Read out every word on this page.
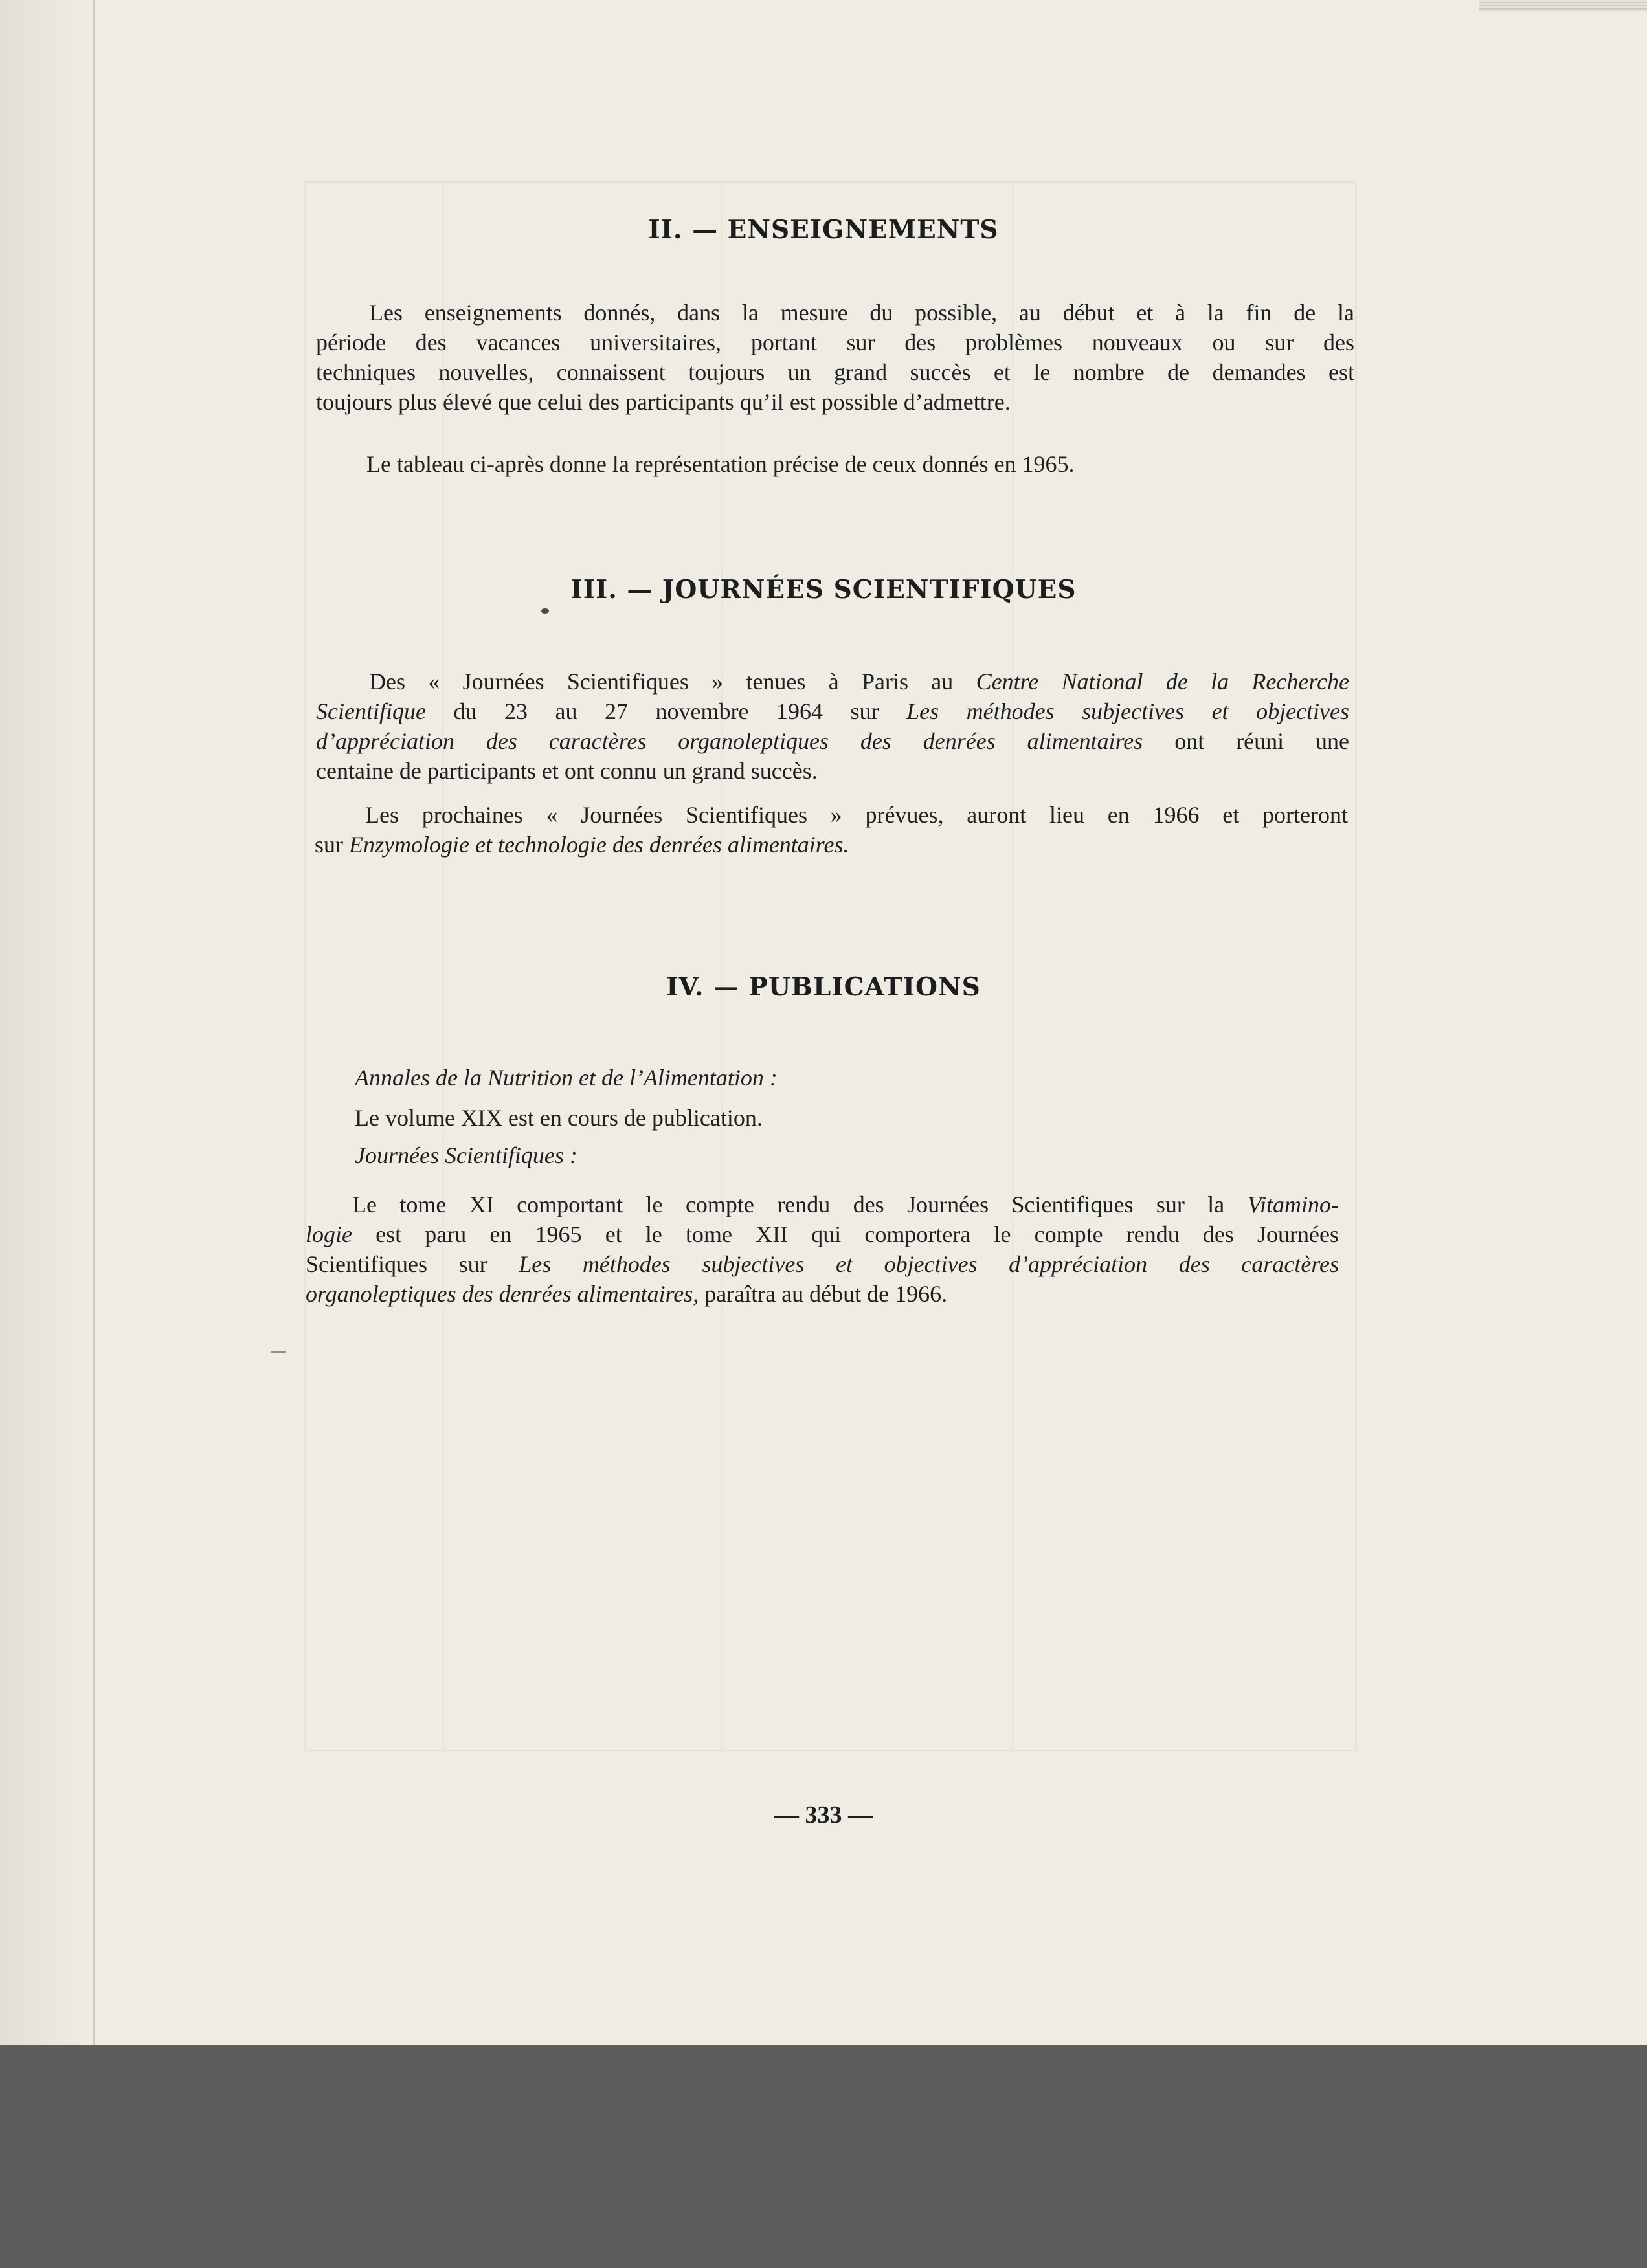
II. — ENSEIGNEMENTS
Les enseignements donnés, dans la mesure du possible, au début et à la fin de la
période des vacances universitaires, portant sur des problèmes nouveaux ou sur des
techniques nouvelles, connaissent toujours un grand succès et le nombre de demandes est
toujours plus élevé que celui des participants qu’il est possible d’admettre.
Le tableau ci-après donne la représentation précise de ceux donnés en 1965.
III. — JOURNÉES SCIENTIFIQUES
Des « Journées Scientifiques » tenues à Paris au Centre National de la Recherche
Scientifique du 23 au 27 novembre 1964 sur Les méthodes subjectives et objectives
d’appréciation des caractères organoleptiques des denrées alimentaires ont réuni une
centaine de participants et ont connu un grand succès.
Les prochaines « Journées Scientifiques » prévues, auront lieu en 1966 et porteront
sur Enzymologie et technologie des denrées alimentaires.
IV. — PUBLICATIONS
Annales de la Nutrition et de l’Alimentation :
Le volume XIX est en cours de publication.
Journées Scientifiques :
Le tome XI comportant le compte rendu des Journées Scientifiques sur la Vitamino-
logie est paru en 1965 et le tome XII qui comportera le compte rendu des Journées
Scientifiques sur Les méthodes subjectives et objectives d’appréciation des caractères
organoleptiques des denrées alimentaires, paraîtra au début de 1966.
— 333 —
